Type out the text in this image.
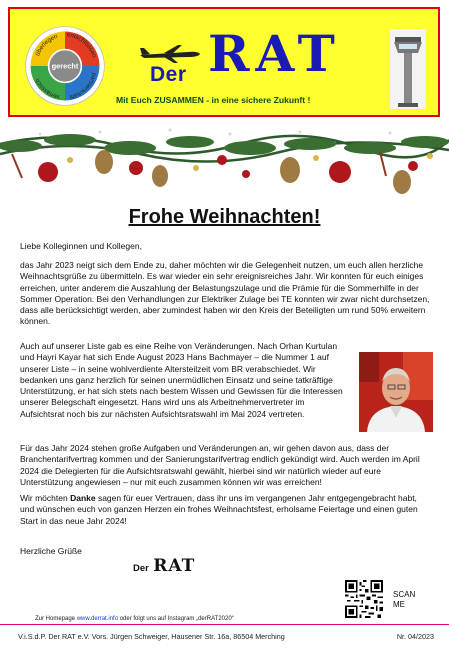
überlegen entschlossen
partnerschaftl
verlässlich
gerecht	Der RAT
Mit Euch ZUSAMMEN - in eine sichere Zukunft !
Frohe Weihnachten!

Liebe Kolleginnen und Kollegen,

das Jahr 2023 neigt sich dem Ende zu, daher möchten wir die Gelegenheit nutzen, um euch allen herzliche Weihnachtsgrüße zu übermitteln. Es war wieder ein sehr ereignisreiches Jahr. Wir konnten für euch einiges erreichen, unter anderem die Auszahlung der Belastungszulage und die Prämie für die Sommerhilfe in der Sommer Operation. Bei den Verhandlungen zur Elektriker Zulage bei TE konnten wir zwar nicht durchsetzen, dass alle berücksichtigt werden, aber zumindest haben wir den Kreis der Beteiligten um rund 50% erweitern können.

Auch auf unserer Liste gab es eine Reihe von Veränderungen. Nach Orhan Kurtulan und Hayri Kayar hat sich Ende August 2023 Hans Bachmayer – die Nummer 1 auf unserer Liste – in seine wohlverdiente Altersteilzeit vom BR verabschiedet. Wir bedanken uns ganz herzlich für seinen unermüdlichen Einsatz und seine tatkräftige Unterstützung, er hat sich stets nach bestem Wissen und Gewissen für die Interessen unserer Belegschaft eingesetzt. Hans wird uns als Arbeitnehmervertreter im Aufsichtsrat noch bis zur nächsten Aufsichtsratswahl im Mai 2024 vertreten.

Für das Jahr 2024 stehen große Aufgaben und Veränderungen an, wir gehen davon aus, dass der Branchentarifvertrag kommen und der Sanierungstarifvertrag endlich gekündigt wird. Auch werden im April 2024 die Delegierten für die Aufsichtsratswahl gewählt, hierbei sind wir natürlich wieder auf eure Unterstützung angewiesen – nur mit euch zusammen können wir was erreichen!

Wir möchten Danke sagen für euer Vertrauen, dass ihr uns im vergangenen Jahr entgegengebracht habt, und wünschen euch von ganzen Herzen ein frohes Weihnachtsfest, erholsame Feiertage und einen guten Start in das neue Jahr 2024!

Herzliche Grüße

Der RAT
SCAN
ME
Zur Homepage www.derrat.info oder folgt uns auf Instagram „derRAT2020“
V.i.S.d.P. Der RAT e.V. Vors. Jürgen Schweiger, Hausener Str. 16a, 86504 Merching	Nr. 04/2023
